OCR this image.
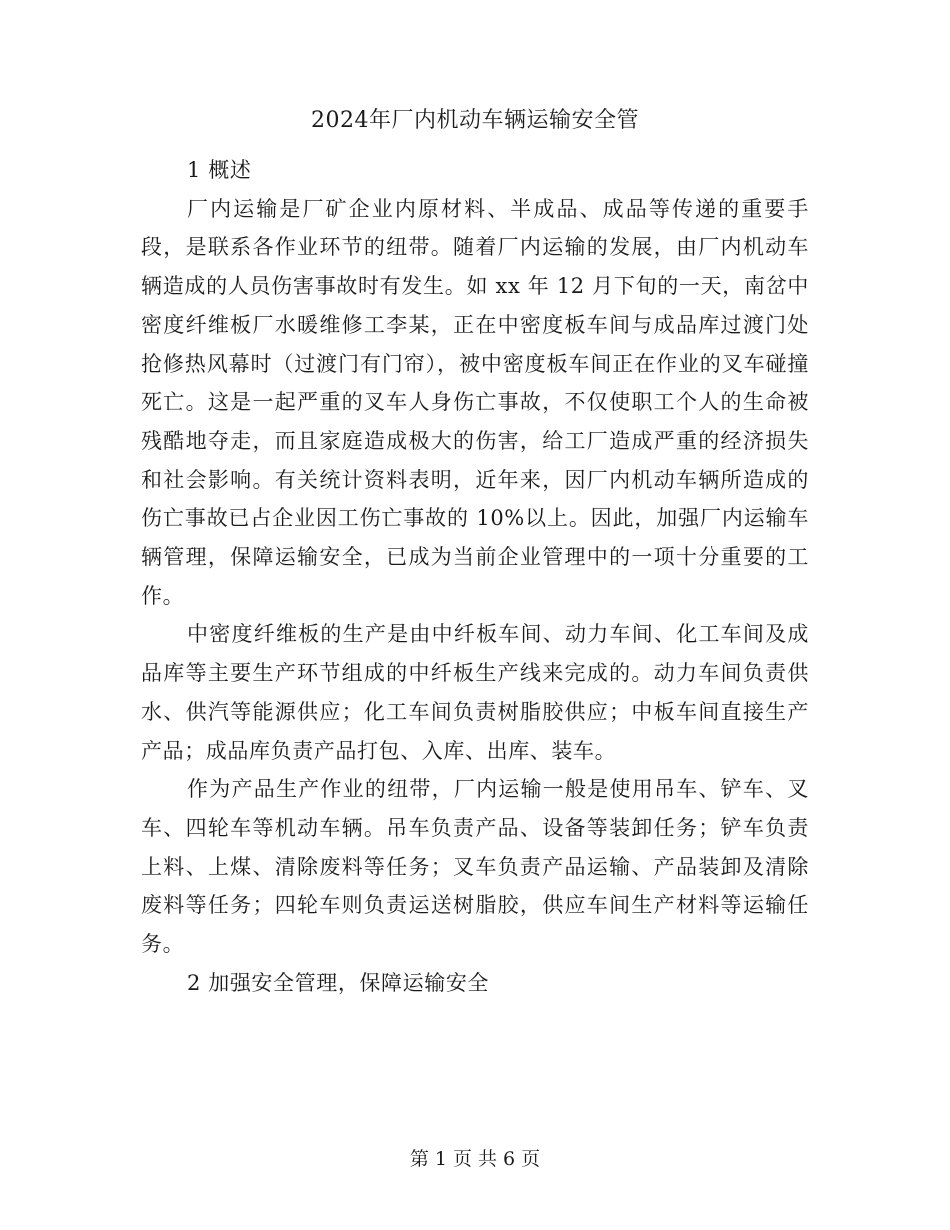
2024年厂内机动车辆运输安全管

1 概述

厂内运输是厂矿企业内原材料、半成品、成品等传递的重要手段，是联系各作业环节的纽带。随着厂内运输的发展，由厂内机动车辆造成的人员伤害事故时有发生。如 xx 年 12 月下旬的一天，南岔中密度纤维板厂水暖维修工李某，正在中密度板车间与成品库过渡门处抢修热风幕时（过渡门有门帘），被中密度板车间正在作业的叉车碰撞死亡。这是一起严重的叉车人身伤亡事故，不仅使职工个人的生命被残酷地夺走，而且家庭造成极大的伤害，给工厂造成严重的经济损失和社会影响。有关统计资料表明，近年来，因厂内机动车辆所造成的伤亡事故已占企业因工伤亡事故的 10%以上。因此，加强厂内运输车辆管理，保障运输安全，已成为当前企业管理中的一项十分重要的工作。

中密度纤维板的生产是由中纤板车间、动力车间、化工车间及成品库等主要生产环节组成的中纤板生产线来完成的。动力车间负责供水、供汽等能源供应；化工车间负责树脂胶供应；中板车间直接生产产品；成品库负责产品打包、入库、出库、装车。

作为产品生产作业的纽带，厂内运输一般是使用吊车、铲车、叉车、四轮车等机动车辆。吊车负责产品、设备等装卸任务；铲车负责上料、上煤、清除废料等任务；叉车负责产品运输、产品装卸及清除废料等任务；四轮车则负责运送树脂胶，供应车间生产材料等运输任务。

2 加强安全管理，保障运输安全

第 1 页 共 6 页
